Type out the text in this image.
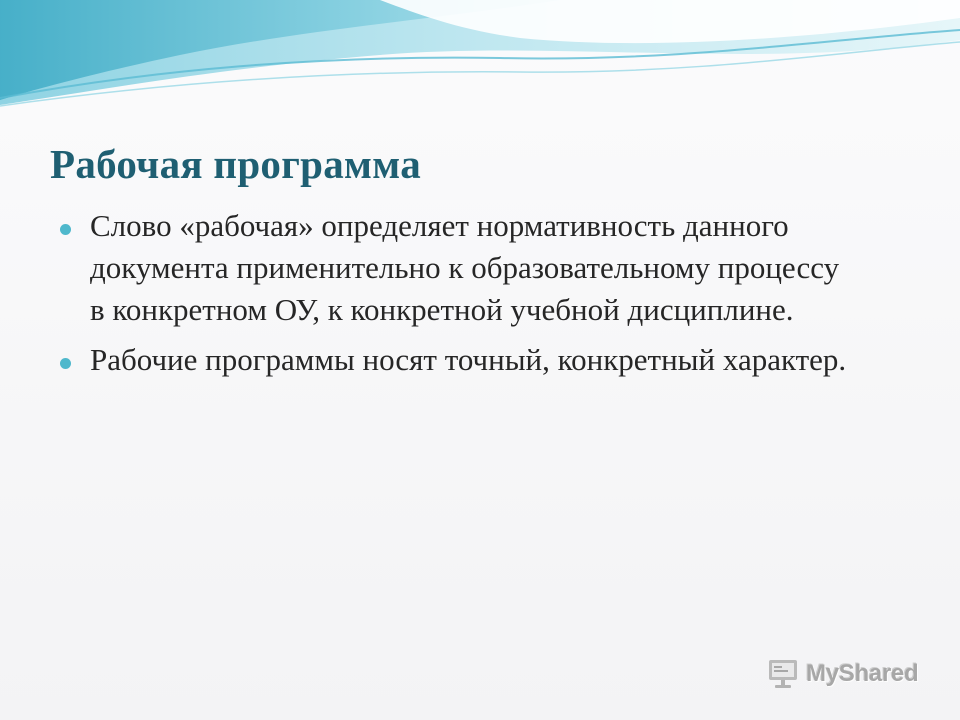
Рабочая программа
Слово «рабочая» определяет нормативность данного документа применительно к образовательному процессу в конкретном ОУ, к конкретной учебной дисциплине.
Рабочие программы носят точный, конкретный характер.
MyShared
